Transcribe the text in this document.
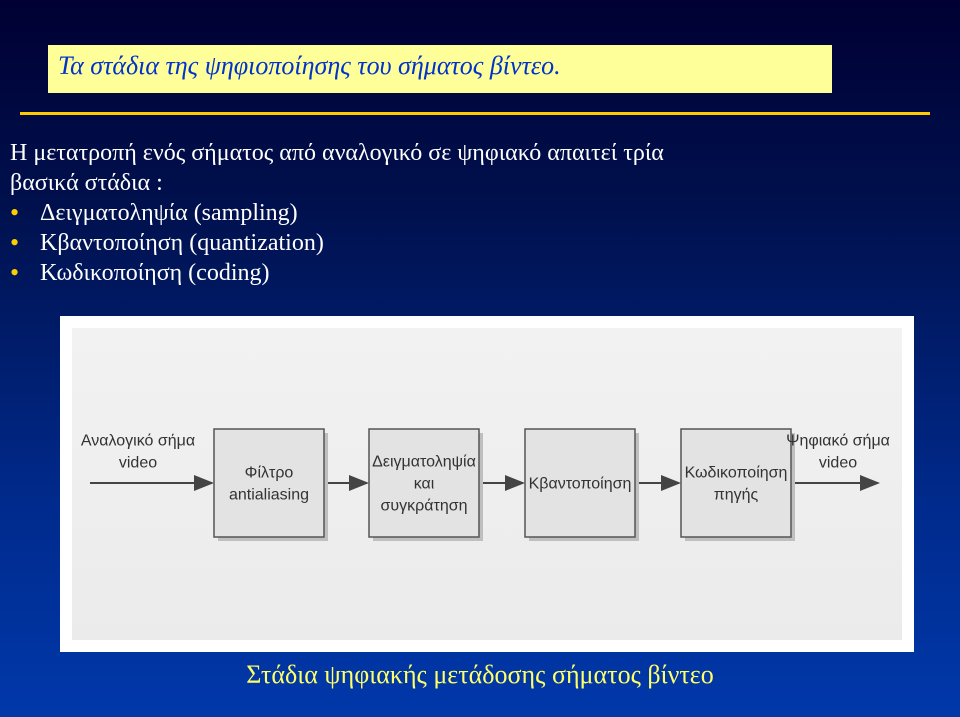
Τα στάδια της ψηφιοποίησης του σήματος βίντεο.

Η μετατροπή ενός σήματος από αναλογικό σε ψηφιακό απαιτεί τρία

βασικά στάδια :

• Δειγματοληψία (sampling)
• Κβαντοποίηση (quantization)
• Κωδικοποίηση (coding)
Αναλογικό σήμα
video
Φίλτρο
antialiasing
Δειγματοληψία
και
συγκράτηση
Κβαντοποίηση
Κωδικοποίηση
πηγής
Ψηφιακό σήμα
video
Στάδια ψηφιακής μετάδοσης σήματος βίντεο
